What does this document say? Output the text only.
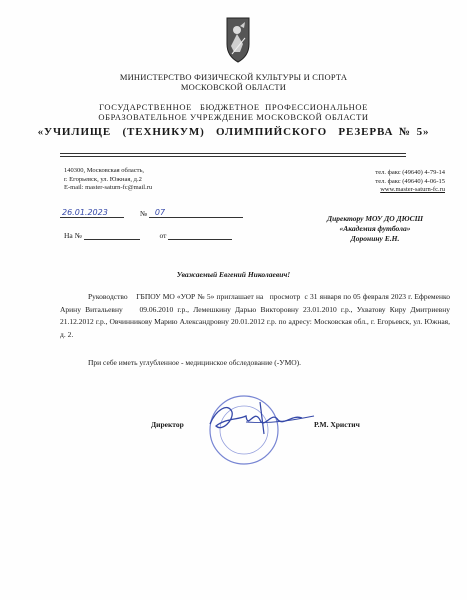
МИНИСТЕРСТВО ФИЗИЧЕСКОЙ КУЛЬТУРЫ И СПОРТА
МОСКОВСКОЙ ОБЛАСТИ
ГОСУДАРСТВЕННОЕ   БЮДЖЕТНОЕ  ПРОФЕССИОНАЛЬНОЕ
ОБРАЗОВАТЕЛЬНОЕ УЧРЕЖДЕНИЕ МОСКОВСКОЙ ОБЛАСТИ
«УЧИЛИЩЕ  (ТЕХНИКУМ)  ОЛИМПИЙСКОГО  РЕЗЕРВА № 5»
140300, Московская область,
г. Егорьевск, ул. Южная, д.2
E-mail: master-saturn-fc@mail.ru
тел. факс (49640) 4-79-14
тел. факс (49640) 4-06-15
www.master-saturn-fc.ru
26.01.2023	№ 07
На №	от
Директору МОУ ДО ДЮСШ
«Академия футбола»
Доронину Е.Н.
Уважаемый Евгений Николаевич!
Руководство    ГБПОУ МО «УОР № 5» приглашает на   просмотр  с 31 января по 05 февраля 2023 г. Ефременко Арину Витальевну    09.06.2010 г.р., Лемешкину Дарью Викторовну 23.01.2010 г.р., Ухватову Киру Дмитриевну 21.12.2012 г.р., Овчинникову Марию Александровну 20.01.2012 г.р. по адресу: Московская обл., г. Егорьевск, ул. Южная, д. 2.
При себе иметь углубленное - медицинское обследование (-УМО).
Директор	Р.М. Христич
